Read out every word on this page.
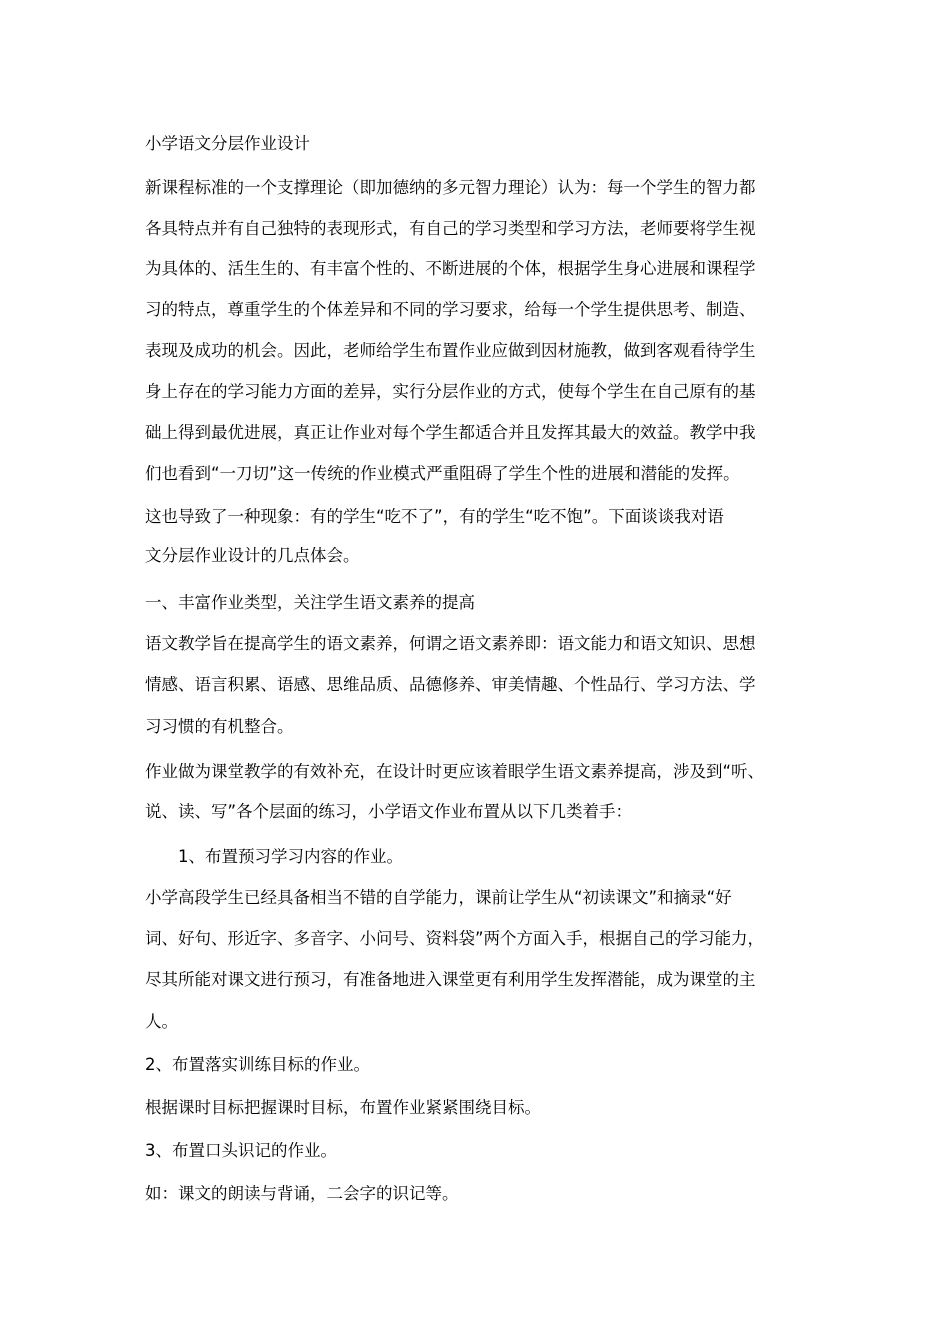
小学语文分层作业设计
新课程标准的一个支撑理论（即加德纳的多元智力理论）认为：每一个学生的智力都
各具特点并有自己独特的表现形式，有自己的学习类型和学习方法，老师要将学生视
为具体的、活生生的、有丰富个性的、不断进展的个体，根据学生身心进展和课程学
习的特点，尊重学生的个体差异和不同的学习要求，给每一个学生提供思考、制造、
表现及成功的机会。因此，老师给学生布置作业应做到因材施教，做到客观看待学生
身上存在的学习能力方面的差异，实行分层作业的方式，使每个学生在自己原有的基
础上得到最优进展，真正让作业对每个学生都适合并且发挥其最大的效益。教学中我
们也看到“一刀切”这一传统的作业模式严重阻碍了学生个性的进展和潜能的发挥。
这也导致了一种现象：有的学生“吃不了”，有的学生“吃不饱”。下面谈谈我对语
文分层作业设计的几点体会。
一、丰富作业类型，关注学生语文素养的提高
语文教学旨在提高学生的语文素养，何谓之语文素养即：语文能力和语文知识、思想
情感、语言积累、语感、思维品质、品德修养、审美情趣、个性品行、学习方法、学
习习惯的有机整合。
作业做为课堂教学的有效补充，在设计时更应该着眼学生语文素养提高，涉及到“听、
说、读、写”各个层面的练习，小学语文作业布置从以下几类着手：
1、布置预习学习内容的作业。
小学高段学生已经具备相当不错的自学能力，课前让学生从“初读课文”和摘录“好
词、好句、形近字、多音字、小问号、资料袋”两个方面入手，根据自己的学习能力，
尽其所能对课文进行预习，有准备地进入课堂更有利用学生发挥潜能，成为课堂的主
人。
2、布置落实训练目标的作业。
根据课时目标把握课时目标，布置作业紧紧围绕目标。
3、布置口头识记的作业。
如：课文的朗读与背诵，二会字的识记等。
